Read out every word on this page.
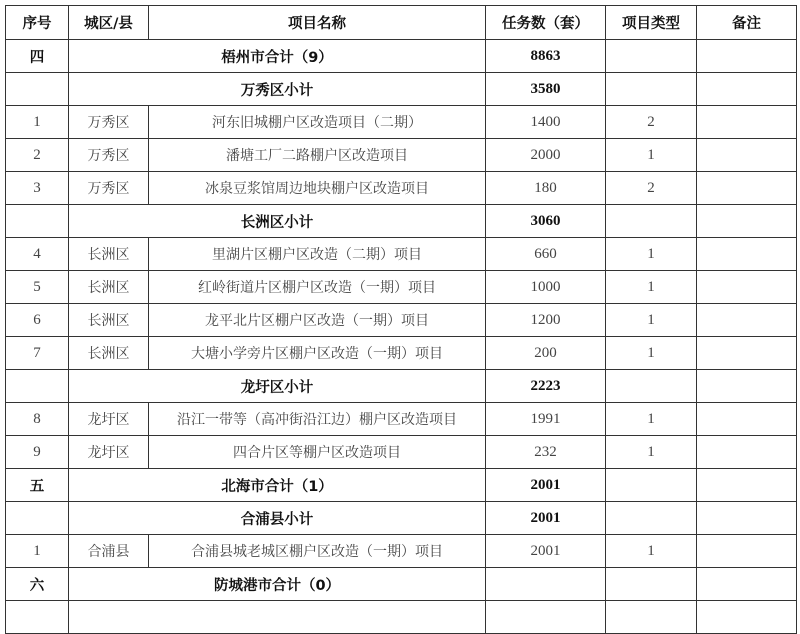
序号	城区/县	项目名称	任务数（套）	项目类型	备注
四	梧州市合计（9）		8863		
	万秀区小计		3580		
1	万秀区	河东旧城棚户区改造项目（二期）	1400	2	
2	万秀区	潘塘工厂二路棚户区改造项目	2000	1	
3	万秀区	冰泉豆浆馆周边地块棚户区改造项目	180	2	
	长洲区小计		3060		
4	长洲区	里湖片区棚户区改造（二期）项目	660	1	
5	长洲区	红岭街道片区棚户区改造（一期）项目	1000	1	
6	长洲区	龙平北片区棚户区改造（一期）项目	1200	1	
7	长洲区	大塘小学旁片区棚户区改造（一期）项目	200	1	
	龙圩区小计		2223		
8	龙圩区	沿江一带等（高冲街沿江边）棚户区改造项目	1991	1	
9	龙圩区	四合片区等棚户区改造项目	232	1	
五	北海市合计（1）		2001		
	合浦县小计		2001		
1	合浦县	合浦县城老城区棚户区改造（一期）项目	2001	1	
六	防城港市合计（0）				
